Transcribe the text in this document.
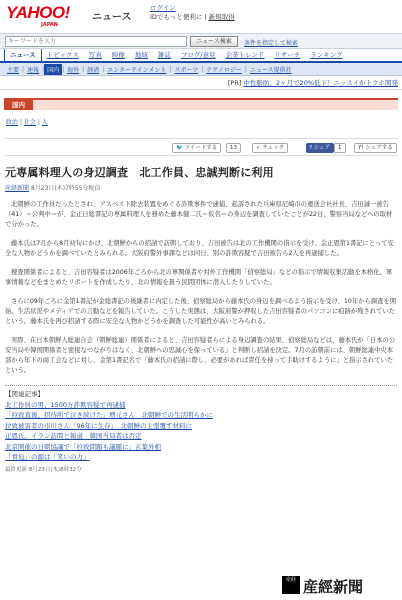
YAHOO!
JAPAN
ニュース
ログイン
IDでもっと便利に | 新規取得
キーワードを入力
ニュース検索	条件を指定して検索
ニュース	トピックス	写真	映像	地域	雑誌	ブログ/意見	企業トレンド	リサーチ	ランキング
主要 | 速報 | 国内 | 海外 | 経済 | エンターテインメント | スポーツ | テクノロジー | ニュース提供社
[PR] 中性脂肪、2ヶ月で20%低下！ニッスイがトクホ開発
国内
政治 | 社会 | 人
🐦 ツイートする	13	✓ チェック	f シェア	1	Y! シェアする
元専属料理人の身辺調査　北工作員、忠誠判断に利用
産経新聞 8月23日(木)7時55分配信

北朝鮮の工作員だったとされ、アスベスト除去装置をめぐる詐欺事件で逮捕、起訴された兵庫県尼崎市の運送会社社長、吉田誠一被告（41）＝公判中＝が、金正日総書記の専属料理人を務めた藤本健二氏＝仮名＝の身辺を調査していたことが22日、警察当局などへの取材で分かった。

藤本氏は7月から8月初旬にかけ、北朝鮮からの招請で訪朝しており、吉田被告は北の工作機関の指示を受け、金正恩第1書記にとって安全な人物かどうかを調べていたとみられる。大阪府警外事課などは同日、別の詐欺容疑で吉田被告ら2人を再逮捕した。

捜査関係者によると、吉田容疑者は2006年ごろから北の軍関係者や対外工作機関「偵察総局」などの指示で情報収集活動を本格化。軍事情報などをまとめたリポートを作成したり、北の情報を扱う民間団体に潜入したりしていた。

さらに09年ごろに金第1書記が金総書記の後継者に内定した後、偵察総局から藤本氏の身辺を調べるよう指示を受け、10年から調査を開始。生活状況やメディアでの言動などを報告していた。こうした実態は、大阪府警が押収した吉田容疑者のパソコンに痕跡が残されていたという。藤本氏を再び招請する際に安全な人物かどうかを調査した可能性が高いとみられる。

実際、在日本朝鮮人総連合会（朝鮮総連）関係者によると、吉田容疑者らによる身辺調査の結果、偵察総局などは、藤本氏が「日本の公安当局や韓国関係者と密接なつながりはなく、北朝鮮への忠誠心を保っている」と判断し招請を決定。7月の訪朝前には、朝鮮総連中央本部から年下の商工会などに対し、金第1書記名で「藤本氏の招請に際し、必要があれば責任を持って手助けするように」と指示されていたという。

【関連記事】
北工作員の男、1500万詐欺容疑で再逮捕
「拉致直後、招待所で泣き続けた」増元さん　北朝鮮での生活明らかに
拉致被害者の市川さん「96年に生存」　北朝鮮の主張覆す材料に
正恩氏、イラン訪問と報道　韓国当局者は否定
北京開催の日朝協議で「拉致問題も議題に」玄葉外相
「脅迫」の源は「笑いの力」
最終更新:8月23日(木)8時32分
産経 産經新聞
